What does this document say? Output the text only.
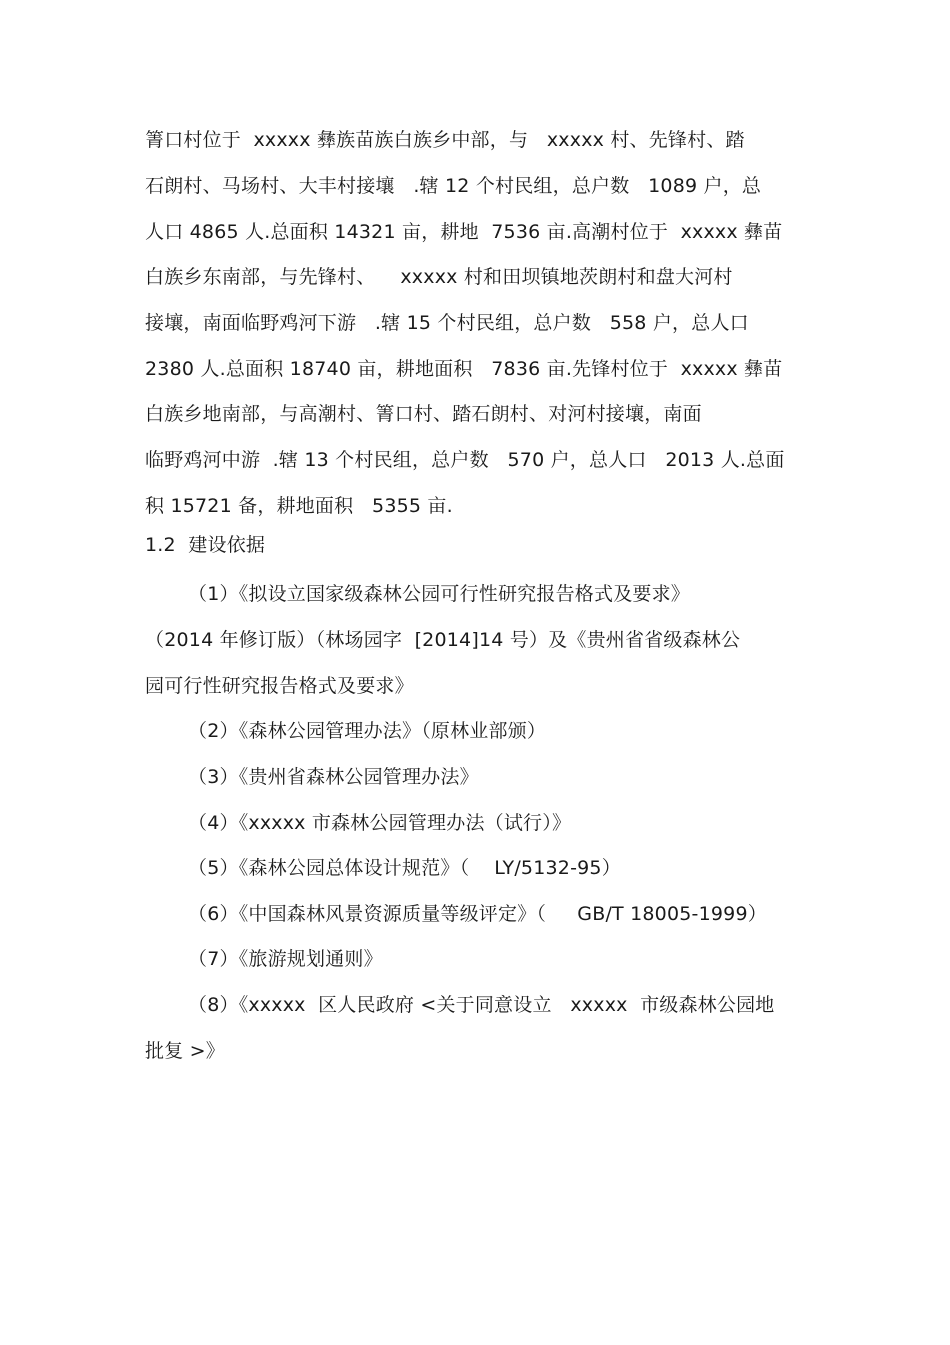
箐口村位于  xxxxx 彝族苗族白族乡中部，与   xxxxx 村、先锋村、踏
石朗村、马场村、大丰村接壤   .辖 12 个村民组，总户数   1089 户，总
人口 4865 人.总面积 14321 亩，耕地  7536 亩.高潮村位于  xxxxx 彝苗
白族乡东南部，与先锋村、    xxxxx 村和田坝镇地茨朗村和盘大河村
接壤，南面临野鸡河下游   .辖 15 个村民组，总户数   558 户，总人口
2380 人.总面积 18740 亩，耕地面积   7836 亩.先锋村位于  xxxxx 彝苗
白族乡地南部，与高潮村、箐口村、踏石朗村、对河村接壤，南面
临野鸡河中游  .辖 13 个村民组，总户数   570 户，总人口   2013 人.总面
积 15721 备，耕地面积   5355 亩.
1.2  建设依据
（1）《拟设立国家级森林公园可行性研究报告格式及要求》
（2014 年修订版）（林场园字  [2014]14 号）及《贵州省省级森林公
园可行性研究报告格式及要求》
（2）《森林公园管理办法》（原林业部颁）
（3）《贵州省森林公园管理办法》
（4）《xxxxx 市森林公园管理办法（试行）》
（5）《森林公园总体设计规范》（    LY/5132-95）
（6）《中国森林风景资源质量等级评定》（     GB/T 18005-1999）
（7）《旅游规划通则》
（8）《xxxxx  区人民政府 <关于同意设立   xxxxx  市级森林公园地
批复 >》
